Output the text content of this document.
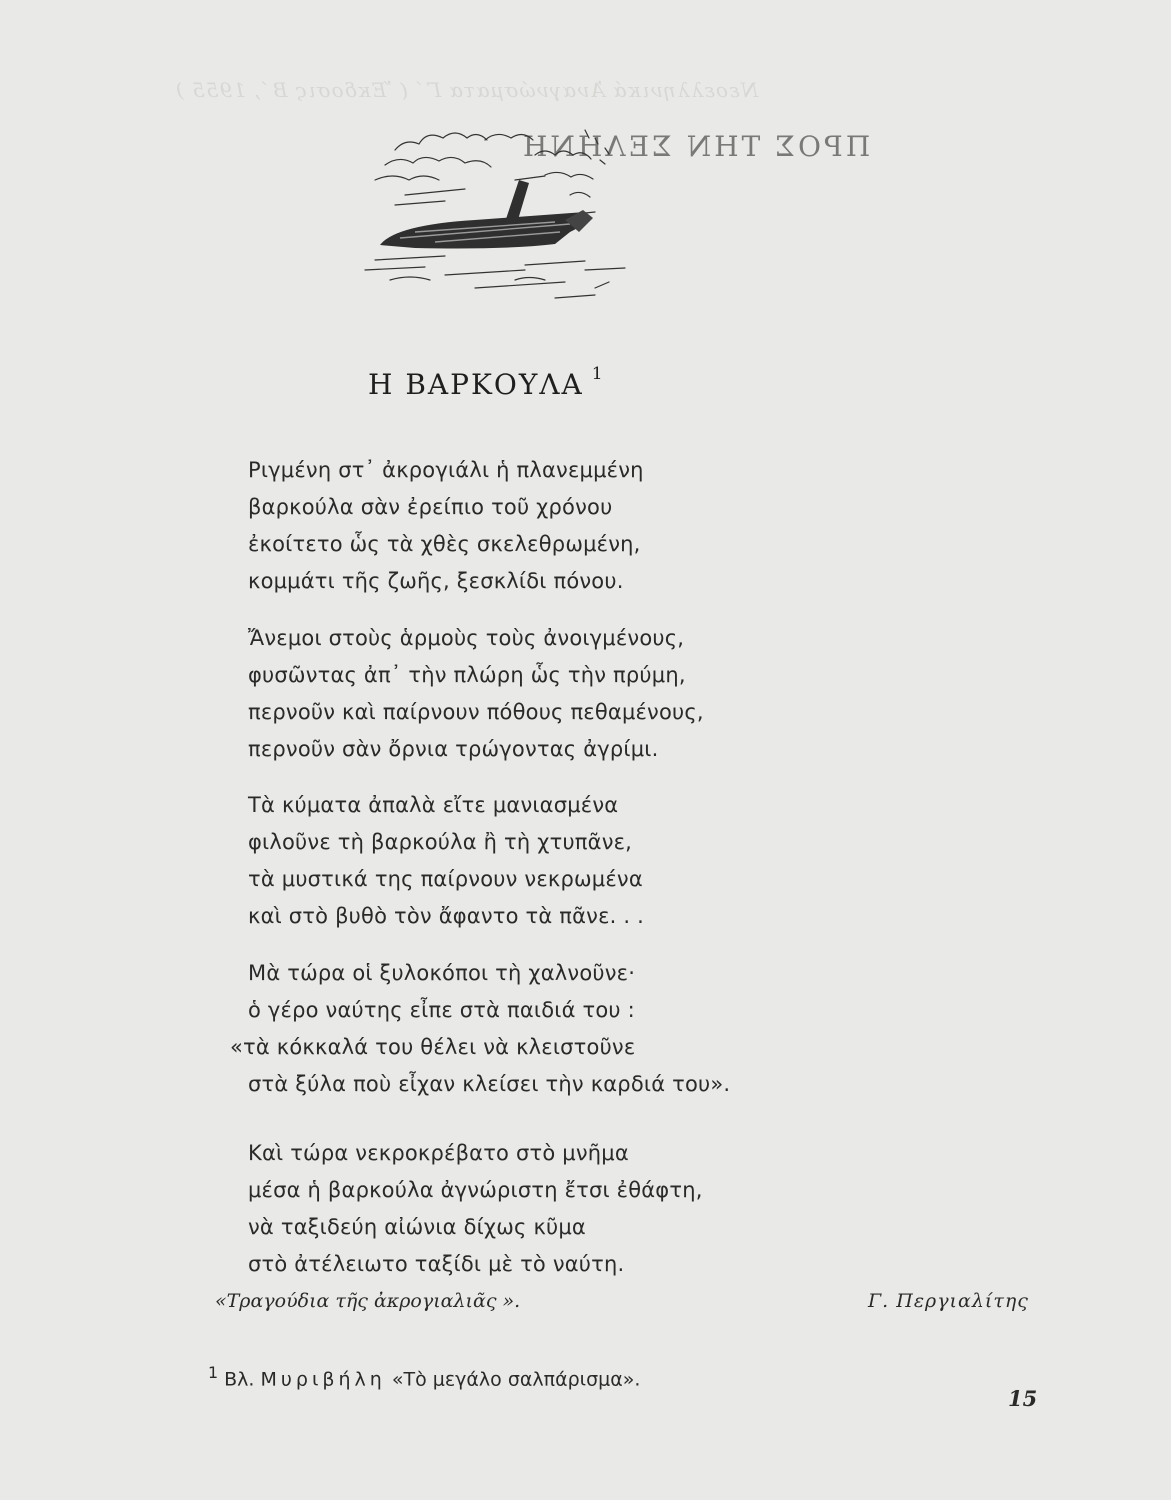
Νεοελληνικά Ἀναγνώσματα Γ΄ ( Ἔκδοσις Β΄, 1955 )
ΠΡΟΣ ΤΗΝ ΣΕΛΗΝΗ
Η ΒΑΡΚΟΥΛΑ $^1$
Ριγμένη στ᾽ ἀκρογιάλι ἡ πλανεμμένη
βαρκούλα σὰν ἐρείπιο τοῦ χρόνου
ἐκοίτετο ὧς τὰ χθὲς σκελεθρωμένη,
κομμάτι τῆς ζωῆς, ξεσκλίδι πόνου.
Ἄνεμοι στοὺς ἁρμοὺς τοὺς ἀνοιγμένους,
φυσῶντας ἀπ᾽ τὴν πλώρη ὧς τὴν πρύμη,
περνοῦν καὶ παίρνουν πόθους πεθαμένους,
περνοῦν σὰν ὄρνια τρώγοντας ἀγρίμι.
Τὰ κύματα ἀπαλὰ εἴτε μανιασμένα
φιλοῦνε τὴ βαρκούλα ἢ τὴ χτυπᾶνε,
τὰ μυστικά της παίρνουν νεκρωμένα
καὶ στὸ βυθὸ τὸν ἄφαντο τὰ πᾶνε. . .
Μὰ τώρα οἱ ξυλοκόποι τὴ χαλνοῦνε·
ὁ γέρο ναύτης εἶπε στὰ παιδιά του :
«τὰ κόκκαλά του θέλει νὰ κλειστοῦνε
στὰ ξύλα ποὺ εἶχαν κλείσει τὴν καρδιά του».
Καὶ τώρα νεκροκρέβατο στὸ μνῆμα
μέσα ἡ βαρκούλα ἀγνώριστη ἔτσι ἐθάφτη,
νὰ ταξιδεύη αἰώνια δίχως κῦμα
στὸ ἀτέλειωτο ταξίδι μὲ τὸ ναύτη.
«Τραγούδια τῆς ἀκρογιαλιᾶς ».	Γ. Περγιαλίτης
$^1$ Βλ. Μυριβήλη «Τὸ μεγάλο σαλπάρισμα».
15
